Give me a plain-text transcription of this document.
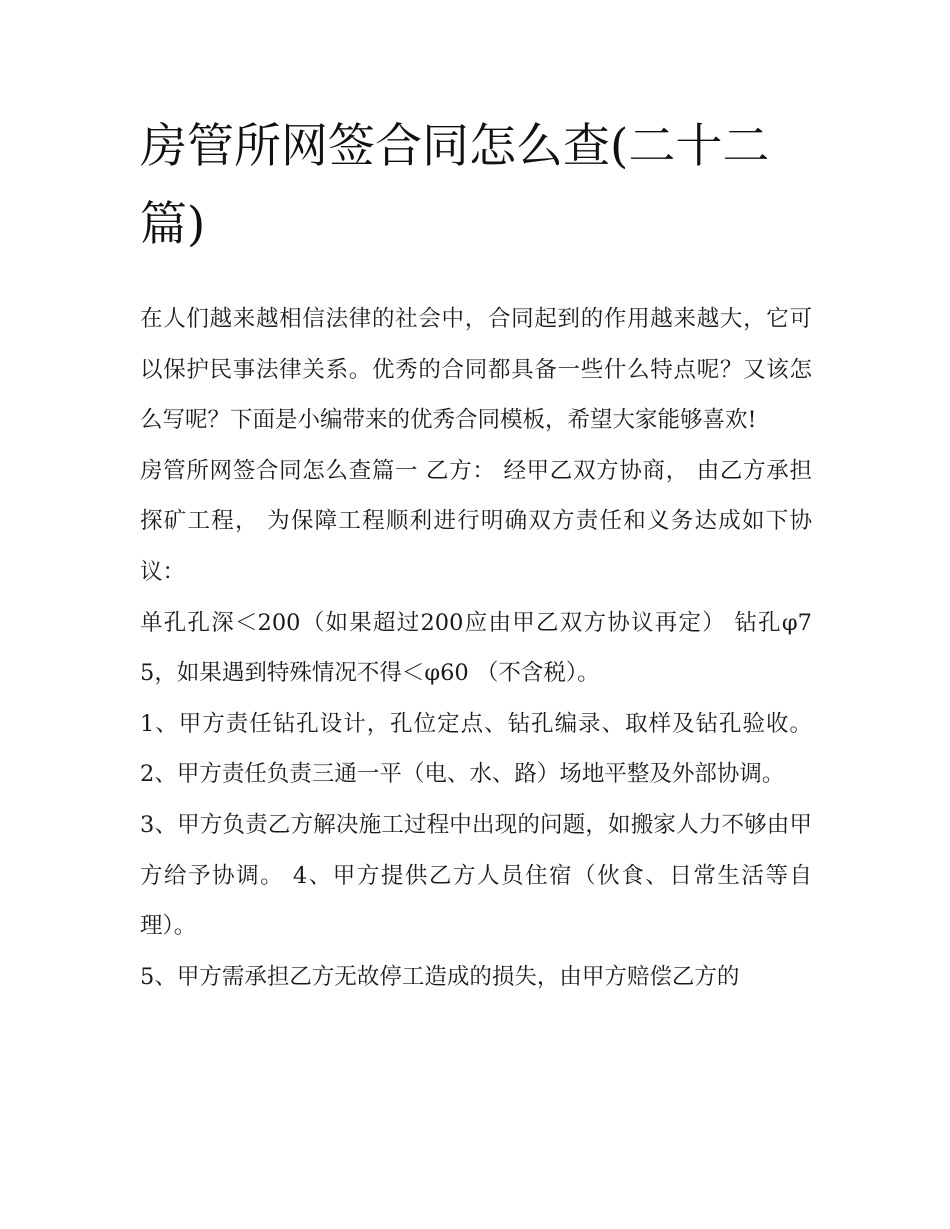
房管所网签合同怎么查(二十二篇)

在人们越来越相信法律的社会中，合同起到的作用越来越大，它可以保护民事法律关系。优秀的合同都具备一些什么特点呢？又该怎么写呢？下面是小编带来的优秀合同模板，希望大家能够喜欢!

房管所网签合同怎么查篇一 乙方： 经甲乙双方协商， 由乙方承担 探矿工程， 为保障工程顺利进行明确双方责任和义务达成如下协议：

单孔孔深＜200（如果超过200应由甲乙双方协议再定） 钻孔φ75，如果遇到特殊情况不得＜φ60 （不含税）。

1、甲方责任钻孔设计，孔位定点、钻孔编录、取样及钻孔验收。 2、甲方责任负责三通一平（电、水、路）场地平整及外部协调。

3、甲方负责乙方解决施工过程中出现的问题，如搬家人力不够由甲方给予协调。 4、甲方提供乙方人员住宿（伙食、日常生活等自理）。

5、甲方需承担乙方无故停工造成的损失，由甲方赔偿乙方的
